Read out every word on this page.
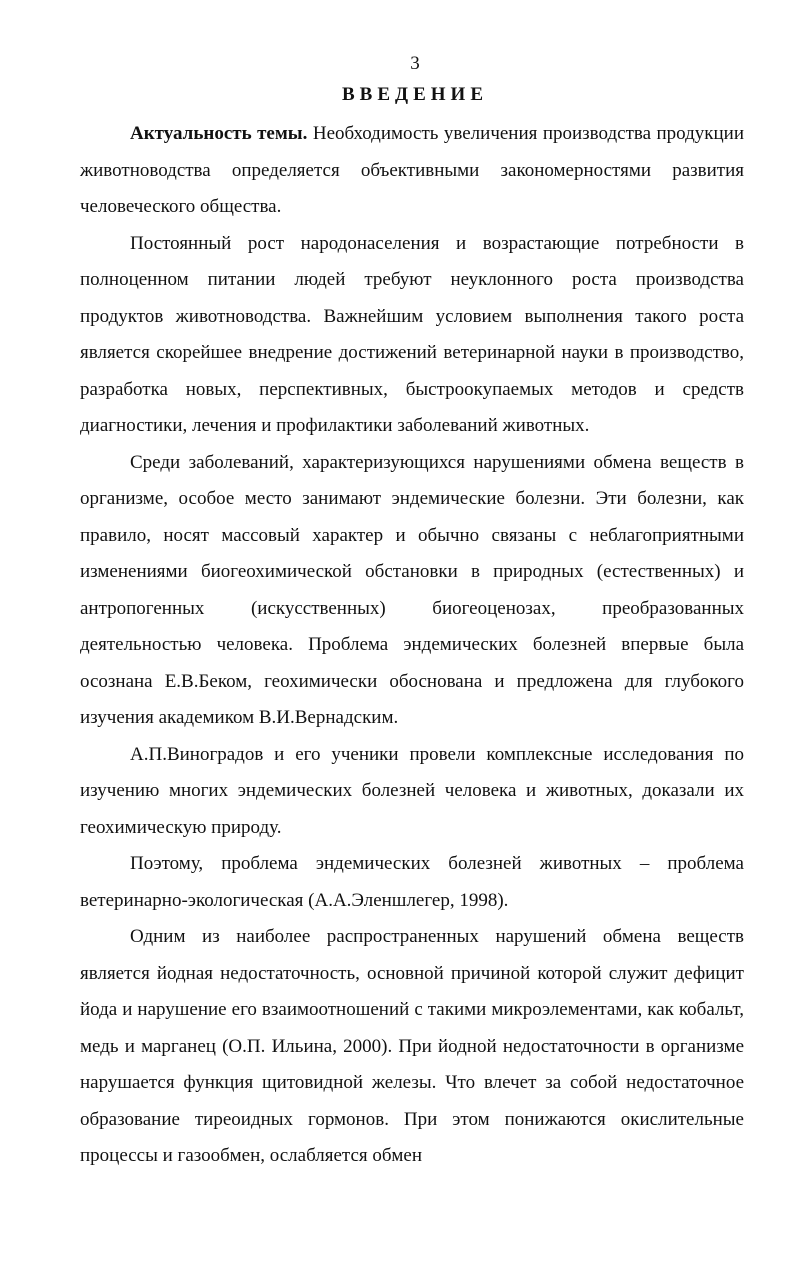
3
ВВЕДЕНИЕ

Актуальность темы. Необходимость увеличения производства продукции животноводства определяется объективными закономерностями развития человеческого общества.

Постоянный рост народонаселения и возрастающие потребности в полноценном питании людей требуют неуклонного роста производства продуктов животноводства. Важнейшим условием выполнения такого роста является скорейшее внедрение достижений ветеринарной науки в производство, разработка новых, перспективных, быстроокупаемых методов и средств диагностики, лечения и профилактики заболеваний животных.

Среди заболеваний, характеризующихся нарушениями обмена веществ в организме, особое место занимают эндемические болезни. Эти болезни, как правило, носят массовый характер и обычно связаны с неблагоприятными изменениями биогеохимической обстановки в природных (естественных) и антропогенных (искусственных) биогеоценозах, преобразованных деятельностью человека. Проблема эндемических болезней впервые была осознана Е.В.Беком, геохимически обоснована и предложена для глубокого изучения академиком В.И.Вернадским.

А.П.Виноградов и его ученики провели комплексные исследования по изучению многих эндемических болезней человека и животных, доказали их геохимическую природу.

Поэтому, проблема эндемических болезней животных – проблема ветеринарно-экологическая (А.А.Эленшлегер, 1998).

Одним из наиболее распространенных нарушений обмена веществ является йодная недостаточность, основной причиной которой служит дефицит йода и нарушение его взаимоотношений с такими микроэлементами, как кобальт, медь и марганец (О.П. Ильина, 2000). При йодной недостаточности в организме нарушается функция щитовидной железы. Что влечет за собой недостаточное образование тиреоидных гормонов. При этом понижаются окислительные процессы и газообмен, ослабляется обмен
